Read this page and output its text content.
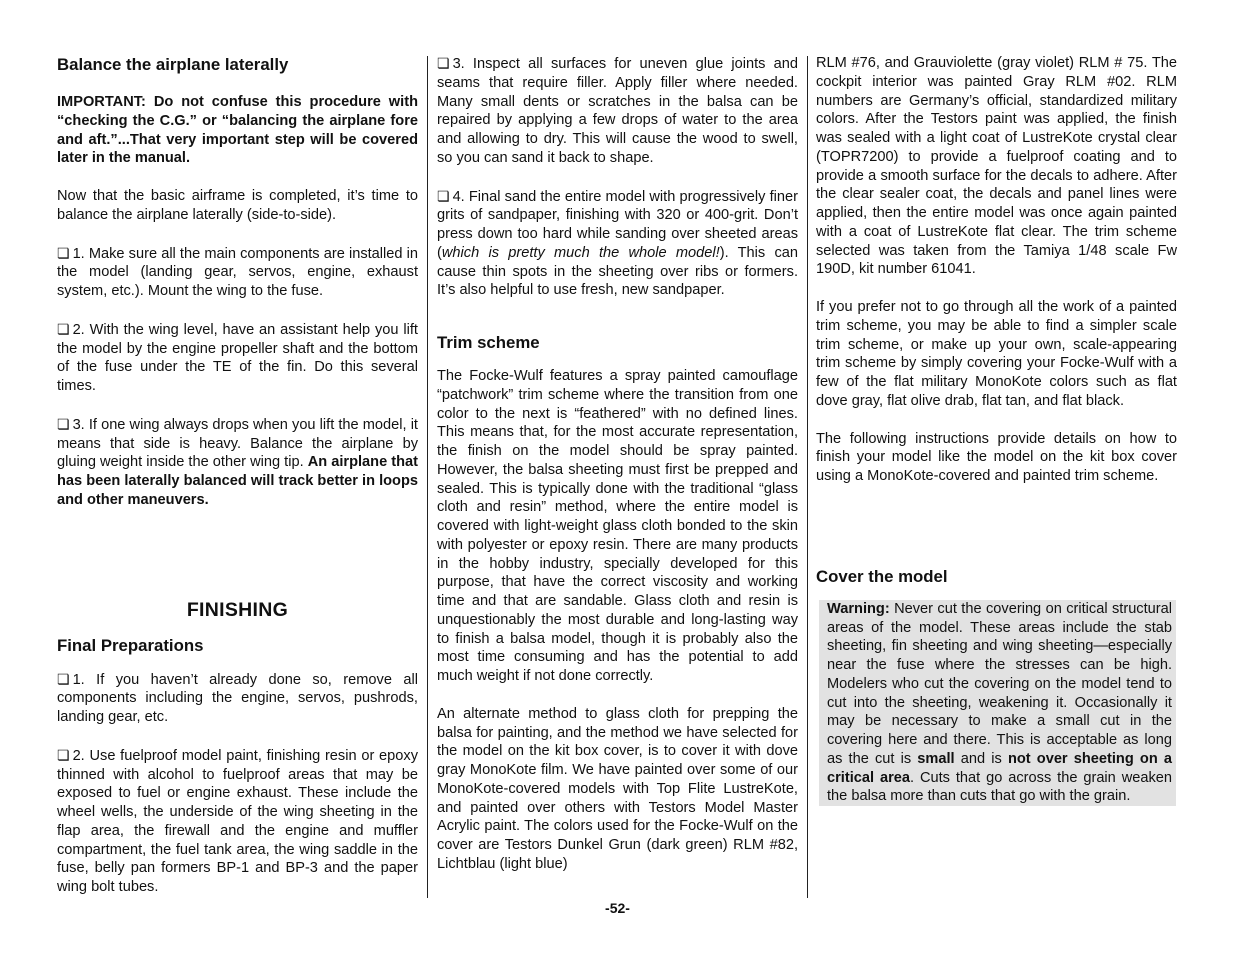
Balance the airplane laterally

IMPORTANT: Do not confuse this procedure with “checking the C.G.” or “balancing the airplane fore and aft.”...That very important step will be covered later in the manual.

Now that the basic airframe is completed, it’s time to balance the airplane laterally (side-to-side).

❏ 1. Make sure all the main components are installed in the model (landing gear, servos, engine, exhaust system, etc.). Mount the wing to the fuse.

❏ 2. With the wing level, have an assistant help you lift the model by the engine propeller shaft and the bottom of the fuse under the TE of the fin. Do this several times.

❏ 3. If one wing always drops when you lift the model, it means that side is heavy. Balance the airplane by gluing weight inside the other wing tip. An airplane that has been laterally balanced will track better in loops and other maneuvers.

FINISHING
Final Preparations

❏ 1. If you haven’t already done so, remove all components including the engine, servos, pushrods, landing gear, etc.

❏ 2. Use fuelproof model paint, finishing resin or epoxy thinned with alcohol to fuelproof areas that may be exposed to fuel or engine exhaust. These include the wheel wells, the underside of the wing sheeting in the flap area, the firewall and the engine and muffler compartment, the fuel tank area, the wing saddle in the fuse, belly pan formers BP-1 and BP-3 and the paper wing bolt tubes.

❏ 3. Inspect all surfaces for uneven glue joints and seams that require filler. Apply filler where needed. Many small dents or scratches in the balsa can be repaired by applying a few drops of water to the area and allowing to dry. This will cause the wood to swell, so you can sand it back to shape.

❏ 4. Final sand the entire model with progressively finer grits of sandpaper, finishing with 320 or 400-grit. Don’t press down too hard while sanding over sheeted areas (which is pretty much the whole model!). This can cause thin spots in the sheeting over ribs or formers. It’s also helpful to use fresh, new sandpaper.

Trim scheme

The Focke-Wulf features a spray painted camouflage “patchwork” trim scheme where the transition from one color to the next is “feathered” with no defined lines. This means that, for the most accurate representation, the finish on the model should be spray painted. However, the balsa sheeting must first be prepped and sealed. This is typically done with the traditional “glass cloth and resin” method, where the entire model is covered with light-weight glass cloth bonded to the skin with polyester or epoxy resin. There are many products in the hobby industry, specially developed for this purpose, that have the correct viscosity and working time and that are sandable. Glass cloth and resin is unquestionably the most durable and long-lasting way to finish a balsa model, though it is probably also the most time consuming and has the potential to add much weight if not done correctly.

An alternate method to glass cloth for prepping the balsa for painting, and the method we have selected for the model on the kit box cover, is to cover it with dove gray MonoKote film. We have painted over some of our MonoKote-covered models with Top Flite LustreKote, and painted over others with Testors Model Master Acrylic paint. The colors used for the Focke-Wulf on the cover are Testors Dunkel Grun (dark green) RLM #82, Lichtblau (light blue)

RLM #76, and Grauviolette (gray violet) RLM # 75. The cockpit interior was painted Gray RLM #02. RLM numbers are Germany’s official, standardized military colors. After the Testors paint was applied, the finish was sealed with a light coat of LustreKote crystal clear (TOPR7200) to provide a fuelproof coating and to provide a smooth surface for the decals to adhere. After the clear sealer coat, the decals and panel lines were applied, then the entire model was once again painted with a coat of LustreKote flat clear. The trim scheme selected was taken from the Tamiya 1/48 scale Fw 190D, kit number 61041.

If you prefer not to go through all the work of a painted trim scheme, you may be able to find a simpler scale trim scheme, or make up your own, scale-appearing trim scheme by simply covering your Focke-Wulf with a few of the flat military MonoKote colors such as flat dove gray, flat olive drab, flat tan, and flat black.

The following instructions provide details on how to finish your model like the model on the kit box cover using a MonoKote-covered and painted trim scheme.

Cover the model

Warning: Never cut the covering on critical structural areas of the model. These areas include the stab sheeting, fin sheeting and wing sheeting—especially near the fuse where the stresses can be high. Modelers who cut the covering on the model tend to cut into the sheeting, weakening it. Occasionally it may be necessary to make a small cut in the covering here and there. This is acceptable as long as the cut is small and is not over sheeting on a critical area. Cuts that go across the grain weaken the balsa more than cuts that go with the grain.

-52-
